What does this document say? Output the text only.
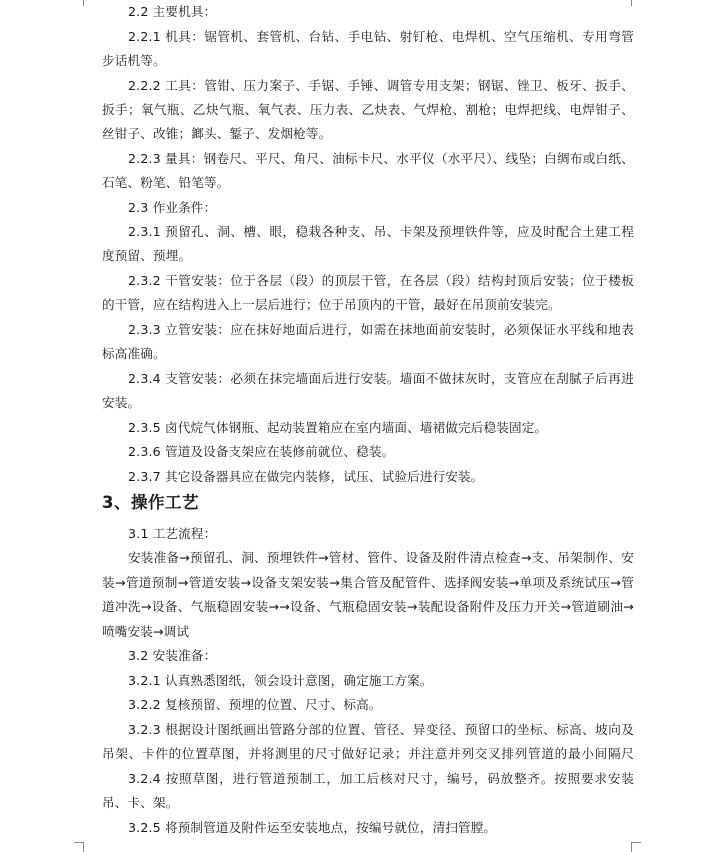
2.2 主要机具：
2.2.1 机具：锯管机、套管机、台钻、手电钻、射钉枪、电焊机、空气压缩机、专用弯管
步话机等。
2.2.2 工具：管钳、压力案子、手锯、手锤、调管专用支架；钢锯、锉卫、板牙、扳手、
扳手；氧气瓶、乙炔气瓶、氧气表、压力表、乙炔表、气焊枪、割枪；电焊把线、电焊钳子、
丝钳子、改锥；鎯头、錾子、发烟枪等。
2.2.3 量具：钢卷尺、平尺、角尺、油标卡尺、水平仪（水平尺）、线坠；白绸布或白纸、
石笔、粉笔、铅笔等。
2.3 作业条件：
2.3.1 预留孔、洞、槽、眼，稳栽各种支、吊、卡架及预埋铁件等，应及时配合土建工程
度预留、预埋。
2.3.2 干管安装：位于各层（段）的顶层干管，在各层（段）结构封顶后安装；位于楼板
的干管，应在结构进入上一层后进行；位于吊顶内的干管，最好在吊顶前安装完。
2.3.3 立管安装：应在抹好地面后进行，如需在抹地面前安装时，必须保证水平线和地表
标高准确。
2.3.4 支管安装：必须在抹完墙面后进行安装。墙面不做抹灰时，支管应在刮腻子后再进
安装。
2.3.5 卤代烷气体钢瓶、起动装置箱应在室内墙面、墙裙做完后稳装固定。
2.3.6 管道及设备支架应在装修前就位、稳装。
2.3.7 其它设备器具应在做完内装修，试压、试验后进行安装。
3、操作工艺
3.1 工艺流程：
安装准备→预留孔、洞、预埋铁件→管材、管件、设备及附件清点检查→支、吊架制作、安
装→管道预制→管道安装→设备支架安装→集合管及配管件、选择阀安装→单项及系统试压→管
道冲洗→设备、气瓶稳固安装→→设备、气瓶稳固安装→装配设备附件及压力开关→管道刷油→
喷嘴安装→调试
3.2 安装准备：
3.2.1 认真熟悉图纸，领会设计意图，确定施工方案。
3.2.2 复核预留、预埋的位置、尺寸、标高。
3.2.3 根据设计图纸画出管路分部的位置、管径、异变径、预留口的坐标、标高、坡向及
吊架、卡件的位置草图，并将测里的尺寸做好记录；并注意并列交叉排列管道的最小间隔尺
3.2.4 按照草图，进行管道预制工，加工后核对尺寸，编号，码放整齐。按照要求安装
吊、卡、架。
3.2.5 将预制管道及附件运至安装地点，按编号就位，清扫管膛。
